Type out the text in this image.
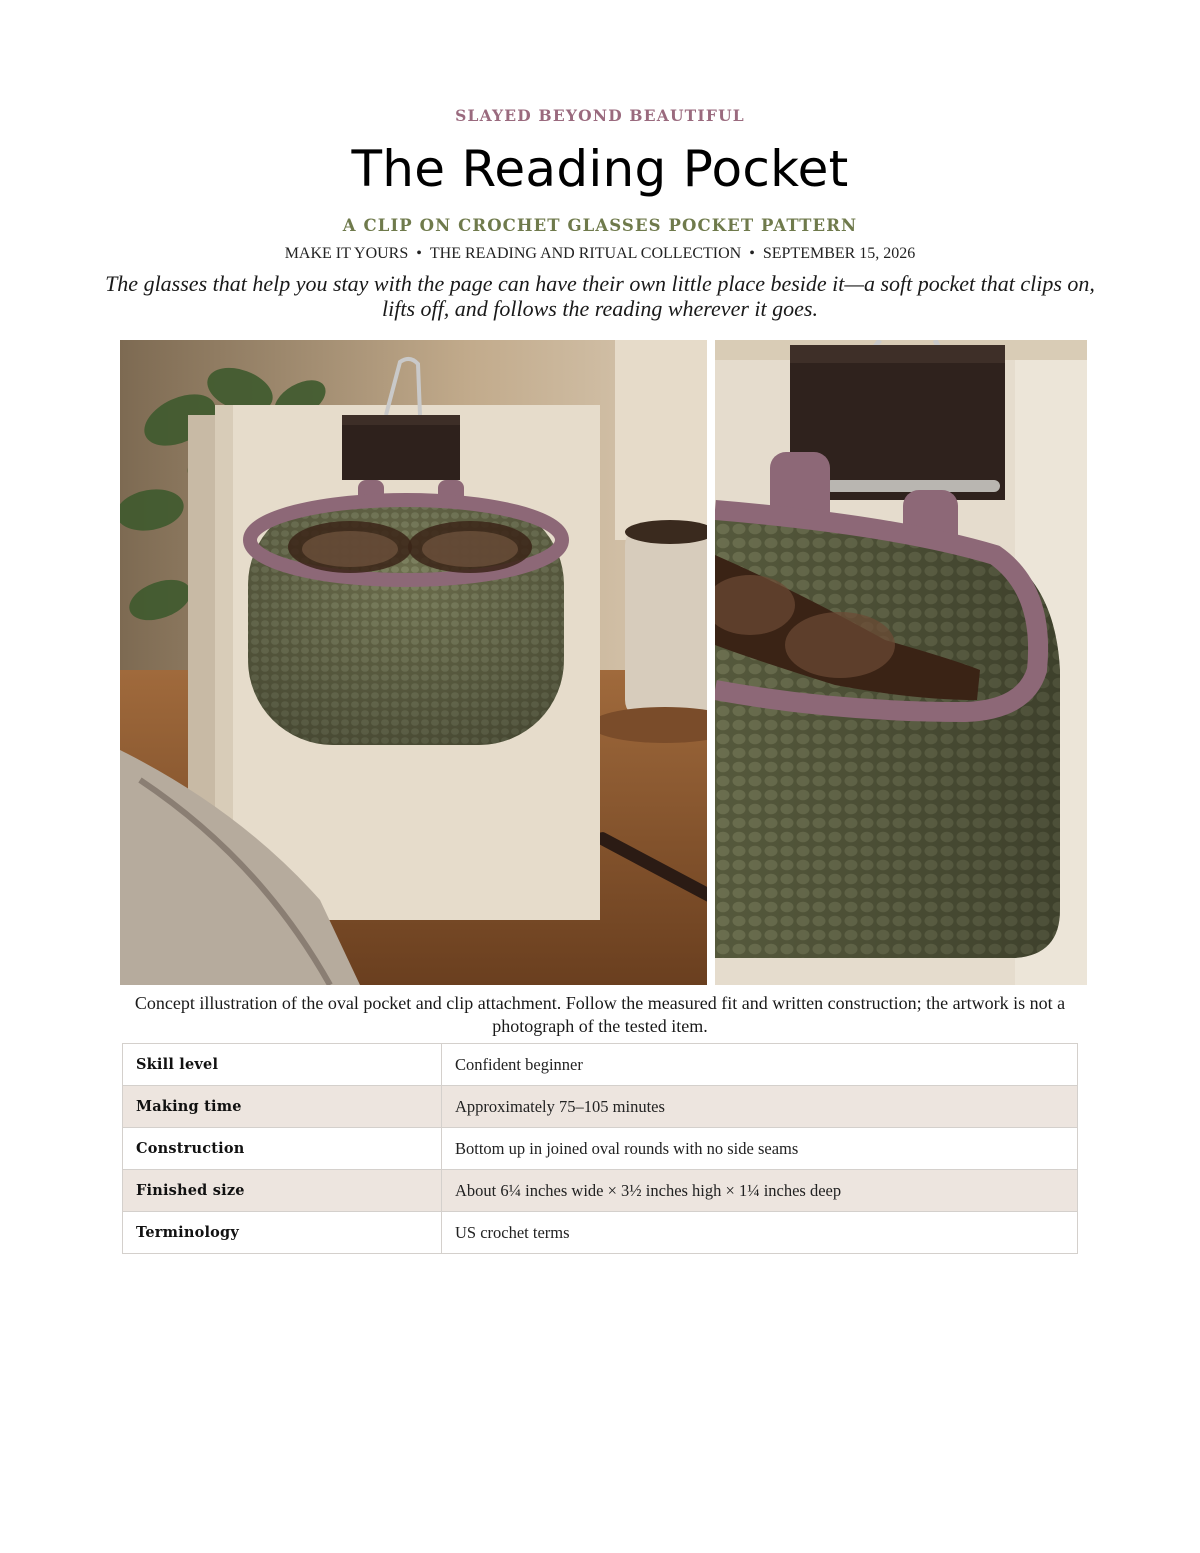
SLAYED BEYOND BEAUTIFUL
The Reading Pocket
A CLIP ON CROCHET GLASSES POCKET PATTERN
MAKE IT YOURS • THE READING AND RITUAL COLLECTION • SEPTEMBER 15, 2026

The glasses that help you stay with the page can have their own little place beside it—a soft pocket that clips on, lifts off, and follows the reading wherever it goes.

Concept illustration of the oval pocket and clip attachment. Follow the measured fit and written construction; the artwork is not a photograph of the tested item.

Skill level	Confident beginner
Making time	Approximately 75–105 minutes
Construction	Bottom up in joined oval rounds with no side seams
Finished size	About 6¼ inches wide × 3½ inches high × 1¼ inches deep
Terminology	US crochet terms
